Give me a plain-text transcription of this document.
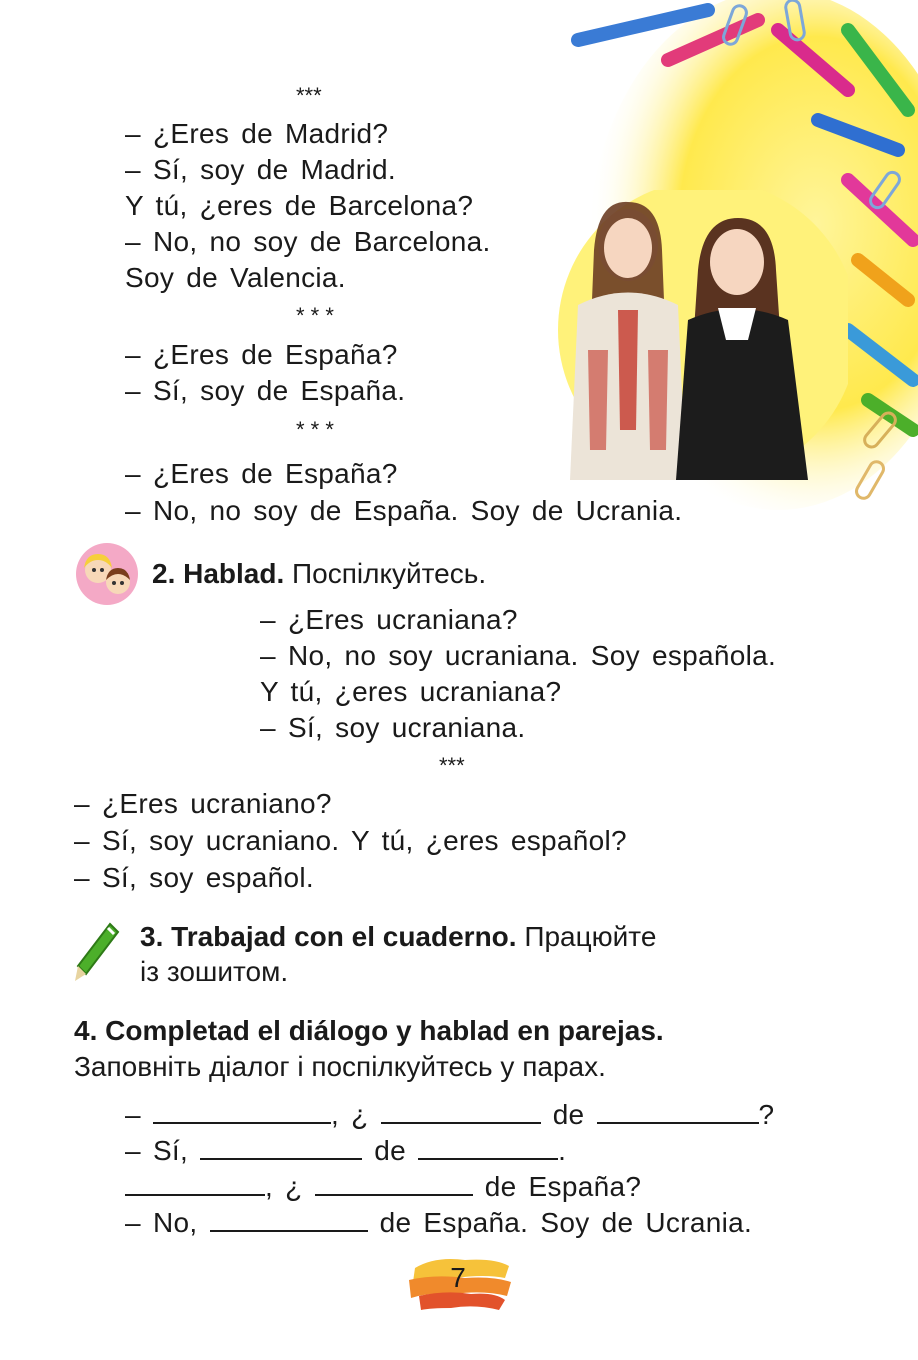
***
– ¿Eres de Madrid?
– Sí, soy de Madrid.
Y tú, ¿eres de Barcelona?
– No, no soy de Barcelona.
Soy de Valencia.
* * *
– ¿Eres de España?
– Sí, soy de España.
* * *
– ¿Eres de España?
– No, no soy de España. Soy de Ucrania.
2. Hablad. Поспілкуйтесь.
– ¿Eres ucraniana?
– No, no soy ucraniana. Soy española.
Y tú, ¿eres ucraniana?
– Sí, soy ucraniana.
***
– ¿Eres ucraniano?
– Sí, soy ucraniano. Y tú, ¿eres español?
– Sí, soy español.
3. Trabajad con el cuaderno. Працюйте
із зошитом.
4. Completad el diálogo y hablad en parejas.
Заповніть діалог і поспілкуйтесь у парах.
–	, ¿	de	?
– Sí,	de	.
, ¿	de España?
– No,	de España. Soy de Ucrania.
7
